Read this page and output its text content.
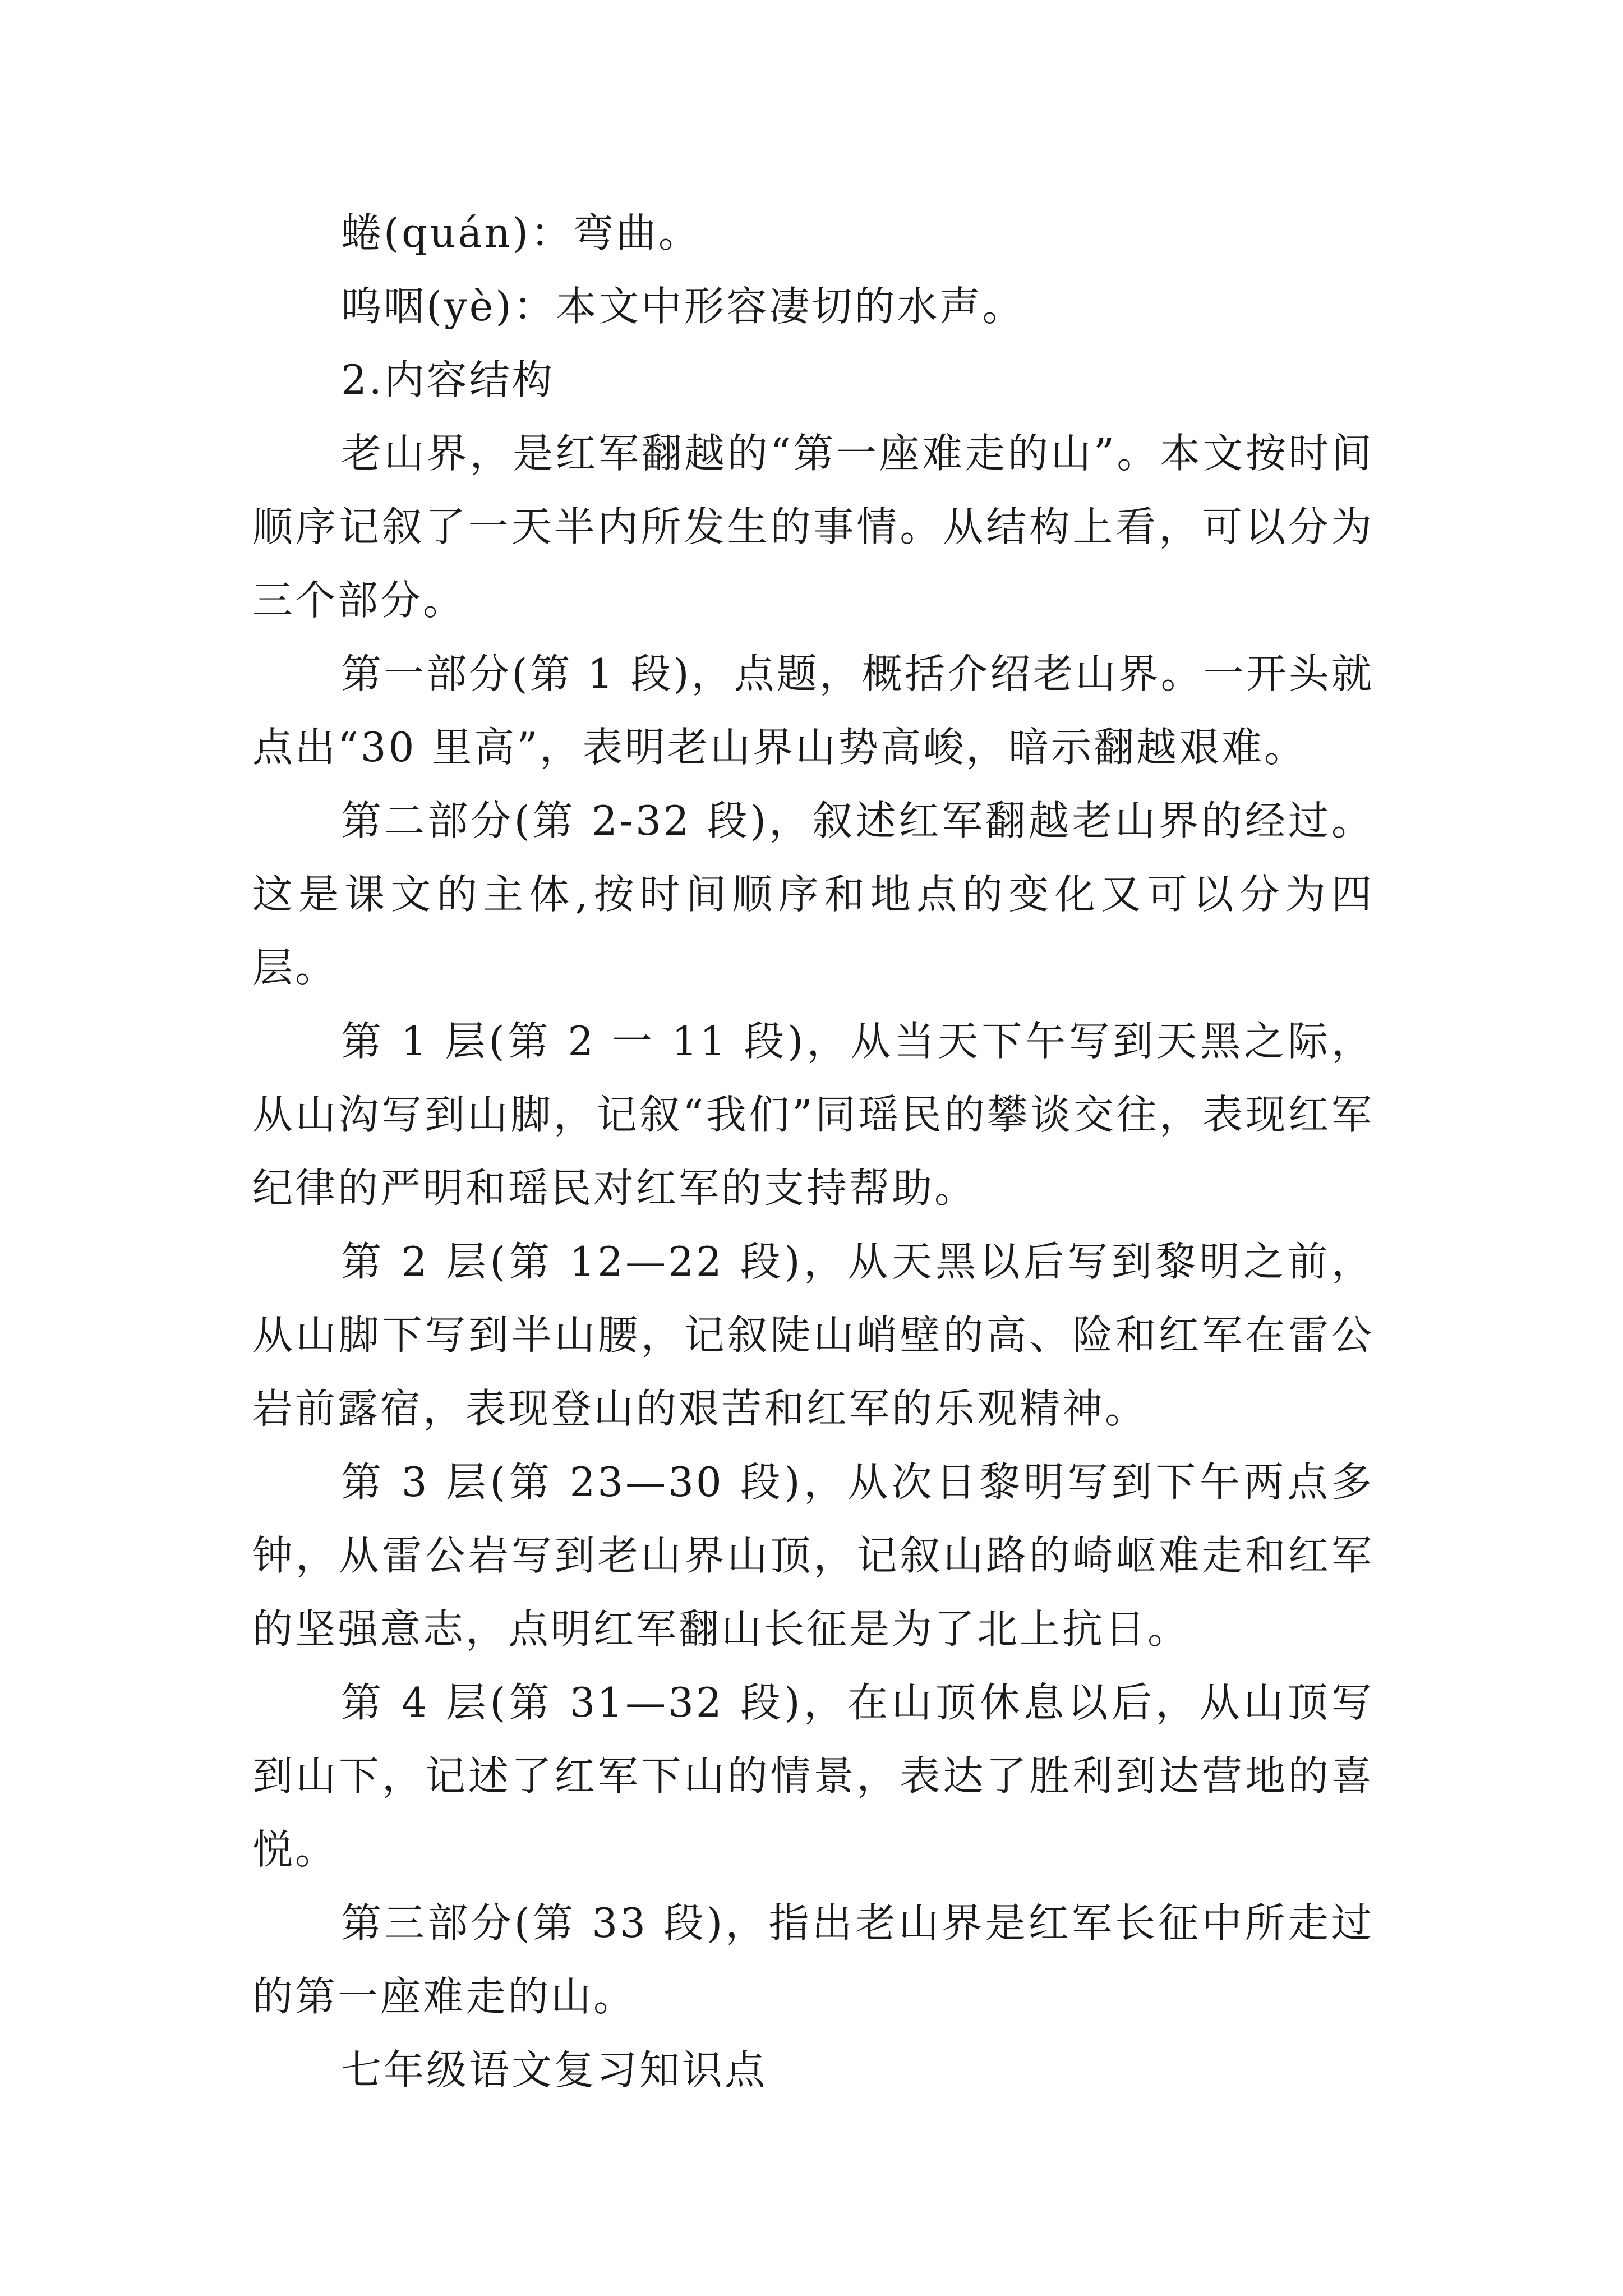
蜷(quán)：弯曲。

呜咽(yè)：本文中形容凄切的水声。

2.内容结构

老山界，是红军翻越的“第一座难走的山”。本文按时间顺序记叙了一天半内所发生的事情。从结构上看，可以分为三个部分。

第一部分(第 1 段)，点题，概括介绍老山界。一开头就点出“30 里高”，表明老山界山势高峻，暗示翻越艰难。

第二部分(第 2-32 段)，叙述红军翻越老山界的经过。这是课文的主体,按时间顺序和地点的变化又可以分为四层。

第 1 层(第 2 一 11 段)，从当天下午写到天黑之际，从山沟写到山脚，记叙“我们”同瑶民的攀谈交往，表现红军纪律的严明和瑶民对红军的支持帮助。

第 2 层(第 12—22 段)，从天黑以后写到黎明之前，从山脚下写到半山腰，记叙陡山峭壁的高、险和红军在雷公岩前露宿，表现登山的艰苦和红军的乐观精神。

第 3 层(第 23—30 段)，从次日黎明写到下午两点多钟，从雷公岩写到老山界山顶，记叙山路的崎岖难走和红军的坚强意志，点明红军翻山长征是为了北上抗日。

第 4 层(第 31—32 段)，在山顶休息以后，从山顶写到山下，记述了红军下山的情景，表达了胜利到达营地的喜悦。

第三部分(第 33 段)，指出老山界是红军长征中所走过的第一座难走的山。

七年级语文复习知识点
